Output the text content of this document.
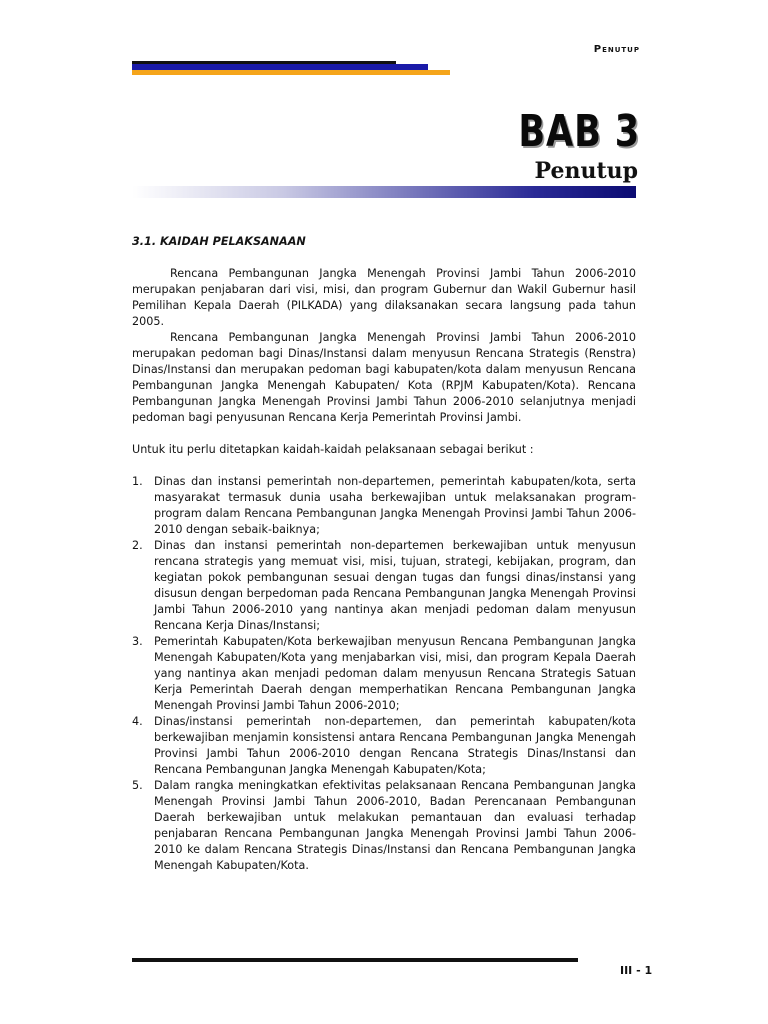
Penutup
BAB 3
Penutup
3.1. KAIDAH PELAKSANAAN

Rencana Pembangunan Jangka Menengah Provinsi Jambi Tahun 2006-2010 merupakan penjabaran dari visi, misi, dan program Gubernur dan Wakil Gubernur hasil Pemilihan Kepala Daerah (PILKADA) yang dilaksanakan secara langsung pada tahun 2005.

Rencana Pembangunan Jangka Menengah Provinsi Jambi Tahun 2006-2010 merupakan pedoman bagi Dinas/Instansi dalam menyusun Rencana Strategis (Renstra) Dinas/Instansi dan merupakan pedoman bagi kabupaten/kota dalam menyusun Rencana Pembangunan Jangka Menengah Kabupaten/ Kota (RPJM Kabupaten/Kota). Rencana Pembangunan Jangka Menengah Provinsi Jambi Tahun 2006-2010 selanjutnya menjadi pedoman bagi penyusunan Rencana Kerja Pemerintah Provinsi Jambi.

Untuk itu perlu ditetapkan kaidah-kaidah pelaksanaan sebagai berikut :

1. Dinas dan instansi pemerintah non-departemen, pemerintah kabupaten/kota, serta masyarakat termasuk dunia usaha berkewajiban untuk melaksanakan program-program dalam Rencana Pembangunan Jangka Menengah Provinsi Jambi Tahun 2006-2010 dengan sebaik-baiknya;
2. Dinas dan instansi pemerintah non-departemen berkewajiban untuk menyusun rencana strategis yang memuat visi, misi, tujuan, strategi, kebijakan, program, dan kegiatan pokok pembangunan sesuai dengan tugas dan fungsi dinas/instansi yang disusun dengan berpedoman pada Rencana Pembangunan Jangka Menengah Provinsi Jambi Tahun 2006-2010 yang nantinya akan menjadi pedoman dalam menyusun Rencana Kerja Dinas/Instansi;
3. Pemerintah Kabupaten/Kota berkewajiban menyusun Rencana Pembangunan Jangka Menengah Kabupaten/Kota yang menjabarkan visi, misi, dan program Kepala Daerah yang nantinya akan menjadi pedoman dalam menyusun Rencana Strategis Satuan Kerja Pemerintah Daerah dengan memperhatikan Rencana Pembangunan Jangka Menengah Provinsi Jambi Tahun 2006-2010;
4. Dinas/instansi pemerintah non-departemen, dan pemerintah kabupaten/kota berkewajiban menjamin konsistensi antara Rencana Pembangunan Jangka Menengah Provinsi Jambi Tahun 2006-2010 dengan Rencana Strategis Dinas/Instansi dan Rencana Pembangunan Jangka Menengah Kabupaten/Kota;
5. Dalam rangka meningkatkan efektivitas pelaksanaan Rencana Pembangunan Jangka Menengah Provinsi Jambi Tahun 2006-2010, Badan Perencanaan Pembangunan Daerah berkewajiban untuk melakukan pemantauan dan evaluasi terhadap penjabaran Rencana Pembangunan Jangka Menengah Provinsi Jambi Tahun 2006-2010 ke dalam Rencana Strategis Dinas/Instansi dan Rencana Pembangunan Jangka Menengah Kabupaten/Kota.
III - 1
